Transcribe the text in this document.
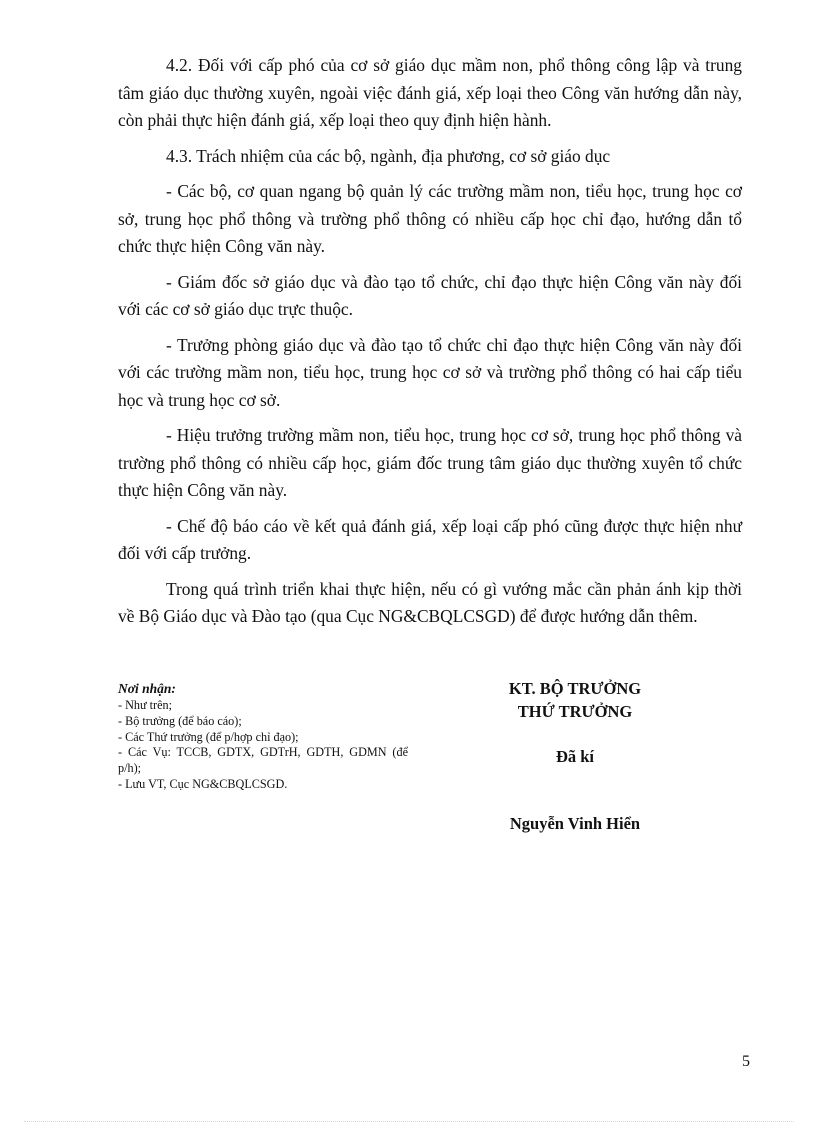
4.2. Đối với cấp phó của cơ sở giáo dục mầm non, phổ thông công lập và trung tâm giáo dục thường xuyên, ngoài việc đánh giá, xếp loại theo Công văn hướng dẫn này, còn phải thực hiện đánh giá, xếp loại theo quy định hiện hành.

4.3. Trách nhiệm của các bộ, ngành, địa phương, cơ sở giáo dục

- Các bộ, cơ quan ngang bộ quản lý các trường mầm non, tiểu học, trung học cơ sở, trung học phổ thông và trường phổ thông có nhiều cấp học chỉ đạo, hướng dẫn tổ chức thực hiện Công văn này.

- Giám đốc sở giáo dục và đào tạo tổ chức, chỉ đạo thực hiện Công văn này đối với các cơ sở giáo dục trực thuộc.

- Trưởng phòng giáo dục và đào tạo tổ chức chỉ đạo thực hiện Công văn này đối với các trường mầm non, tiểu học, trung học cơ sở và trường phổ thông có hai cấp tiểu học và trung học cơ sở.

- Hiệu trưởng trường mầm non, tiểu học, trung học cơ sở, trung học phổ thông và trường phổ thông có nhiều cấp học, giám đốc trung tâm giáo dục thường xuyên tổ chức thực hiện Công văn này.

- Chế độ báo cáo về kết quả đánh giá, xếp loại cấp phó cũng được thực hiện như đối với cấp trưởng.

Trong quá trình triển khai thực hiện, nếu có gì vướng mắc cần phản ánh kịp thời về Bộ Giáo dục và Đào tạo (qua Cục NG&CBQLCSGD) để được hướng dẫn thêm.

Nơi nhận:
- Như trên;
- Bộ trưởng (để báo cáo);
- Các Thứ trưởng (để p/hợp chỉ đạo);
- Các Vụ: TCCB, GDTX, GDTrH, GDTH, GDMN (để p/h);
- Lưu VT, Cục NG&CBQLCSGD.
KT. BỘ TRƯỞNG
THỨ TRƯỞNG
Đã kí
Nguyễn Vinh Hiển
5
